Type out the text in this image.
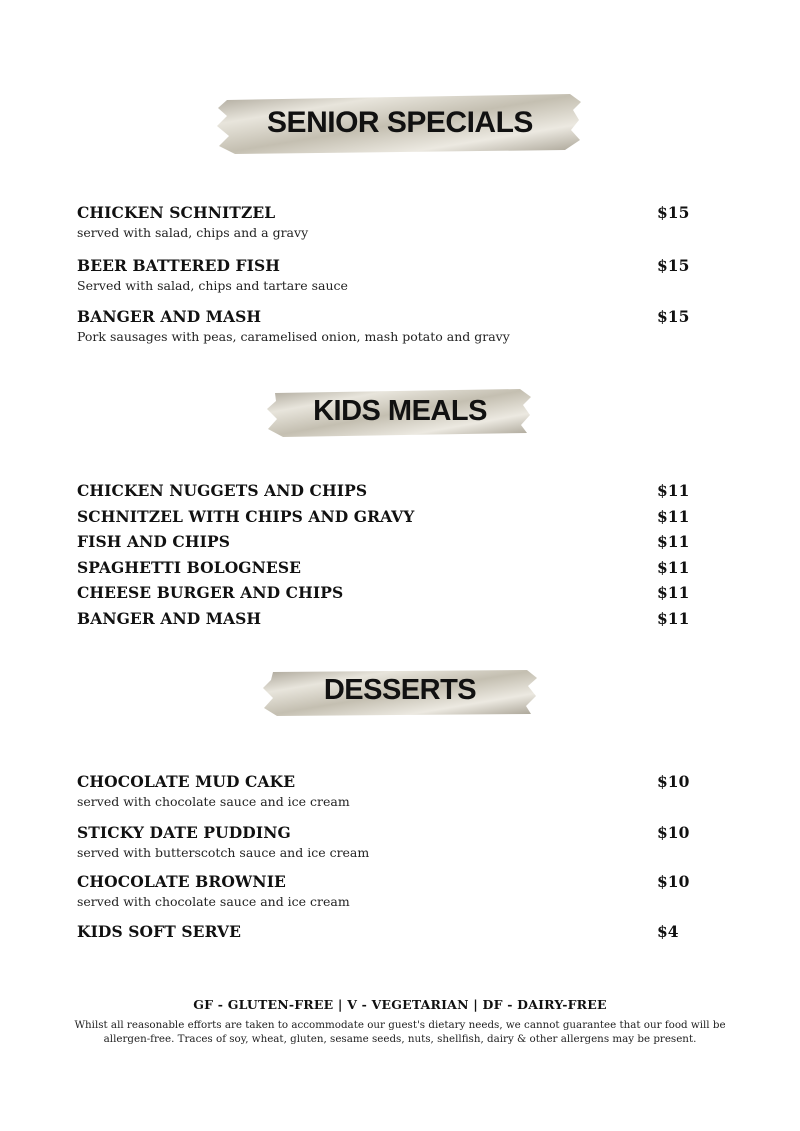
SENIOR SPECIALS
CHICKEN SCHNITZEL	$15
served with salad, chips and a gravy
BEER BATTERED FISH	$15
Served with salad, chips and tartare sauce
BANGER AND MASH	$15
Pork sausages with peas, caramelised onion, mash potato and gravy
KIDS MEALS
CHICKEN NUGGETS AND CHIPS	$11
SCHNITZEL WITH CHIPS AND GRAVY	$11
FISH AND CHIPS	$11
SPAGHETTI BOLOGNESE	$11
CHEESE BURGER AND CHIPS	$11
BANGER AND MASH	$11
DESSERTS
CHOCOLATE MUD CAKE	$10
served with chocolate sauce and ice cream
STICKY DATE PUDDING	$10
served with butterscotch sauce and ice cream
CHOCOLATE BROWNIE	$10
served with chocolate sauce and ice cream
KIDS SOFT SERVE	$4
GF - GLUTEN-FREE | V - VEGETARIAN | DF - DAIRY-FREE
Whilst all reasonable efforts are taken to accommodate our guest's dietary needs, we cannot guarantee that our food will be allergen-free. Traces of soy, wheat, gluten, sesame seeds, nuts, shellfish, dairy & other allergens may be present.
